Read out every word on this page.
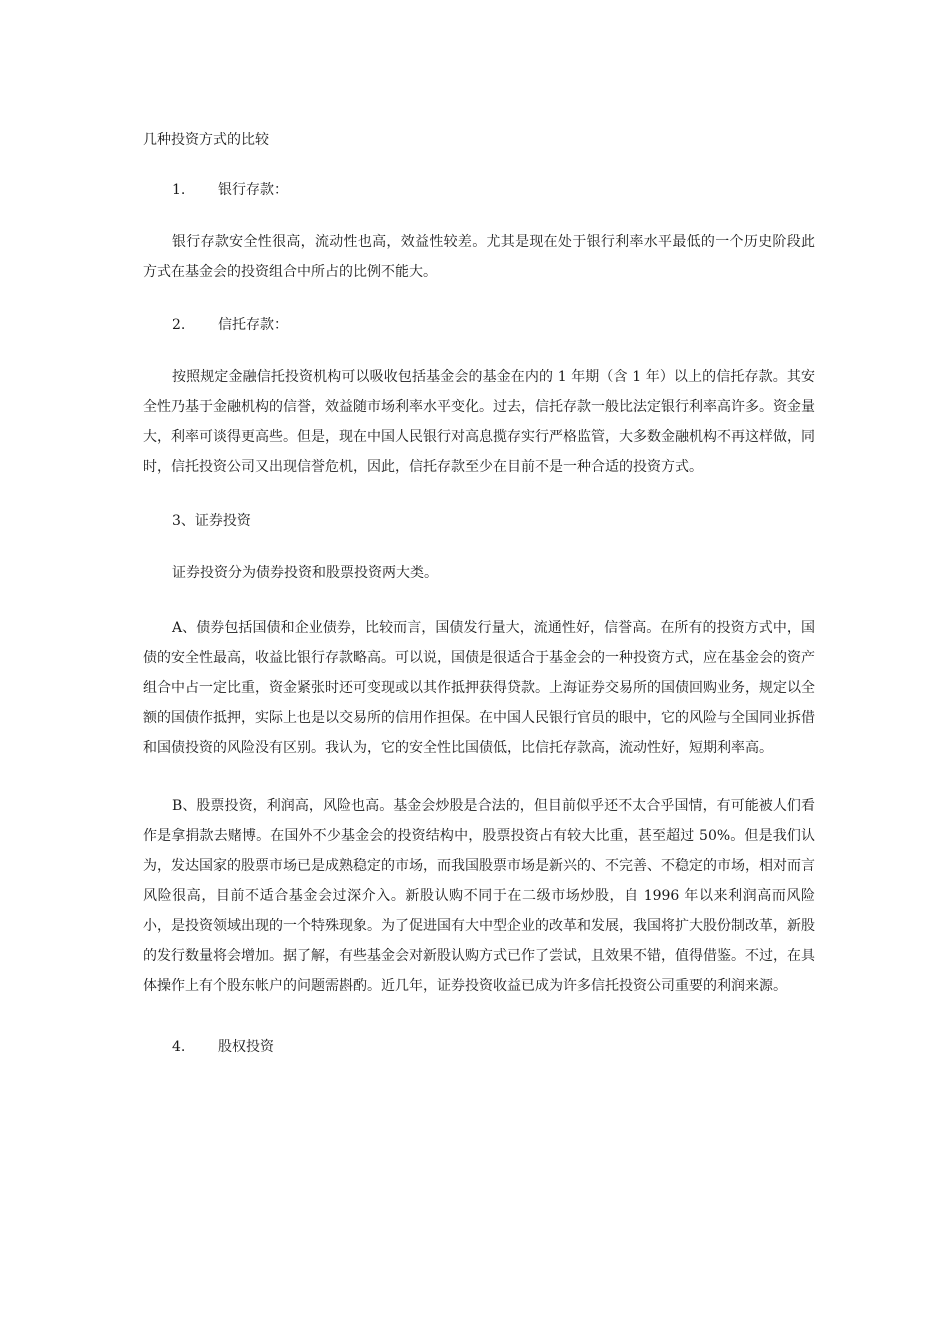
几种投资方式的比较
1. 银行存款：

银行存款安全性很高，流动性也高，效益性较差。尤其是现在处于银行利率水平最低的一个历史阶段此方式在基金会的投资组合中所占的比例不能大。

2. 信托存款：

按照规定金融信托投资机构可以吸收包括基金会的基金在内的 1 年期（含 1 年）以上的信托存款。其安全性乃基于金融机构的信誉，效益随市场利率水平变化。过去，信托存款一般比法定银行利率高许多。资金量大，利率可谈得更高些。但是，现在中国人民银行对高息揽存实行严格监管，大多数金融机构不再这样做，同时，信托投资公司又出现信誉危机，因此，信托存款至少在目前不是一种合适的投资方式。

3、证券投资

证券投资分为债券投资和股票投资两大类。

A、债券包括国债和企业债券，比较而言，国债发行量大，流通性好，信誉高。在所有的投资方式中，国债的安全性最高，收益比银行存款略高。可以说，国债是很适合于基金会的一种投资方式，应在基金会的资产组合中占一定比重，资金紧张时还可变现或以其作抵押获得贷款。上海证券交易所的国债回购业务，规定以全额的国债作抵押，实际上也是以交易所的信用作担保。在中国人民银行官员的眼中，它的风险与全国同业拆借和国债投资的风险没有区别。我认为，它的安全性比国债低，比信托存款高，流动性好，短期利率高。

B、股票投资，利润高，风险也高。基金会炒股是合法的，但目前似乎还不太合乎国情，有可能被人们看作是拿捐款去赌博。在国外不少基金会的投资结构中，股票投资占有较大比重，甚至超过 50%。但是我们认为，发达国家的股票市场已是成熟稳定的市场，而我国股票市场是新兴的、不完善、不稳定的市场，相对而言风险很高，目前不适合基金会过深介入。新股认购不同于在二级市场炒股，自 1996 年以来利润高而风险小，是投资领域出现的一个特殊现象。为了促进国有大中型企业的改革和发展，我国将扩大股份制改革，新股的发行数量将会增加。据了解，有些基金会对新股认购方式已作了尝试，且效果不错，值得借鉴。不过，在具体操作上有个股东帐户的问题需斟酌。近几年，证券投资收益已成为许多信托投资公司重要的利润来源。

4. 股权投资
